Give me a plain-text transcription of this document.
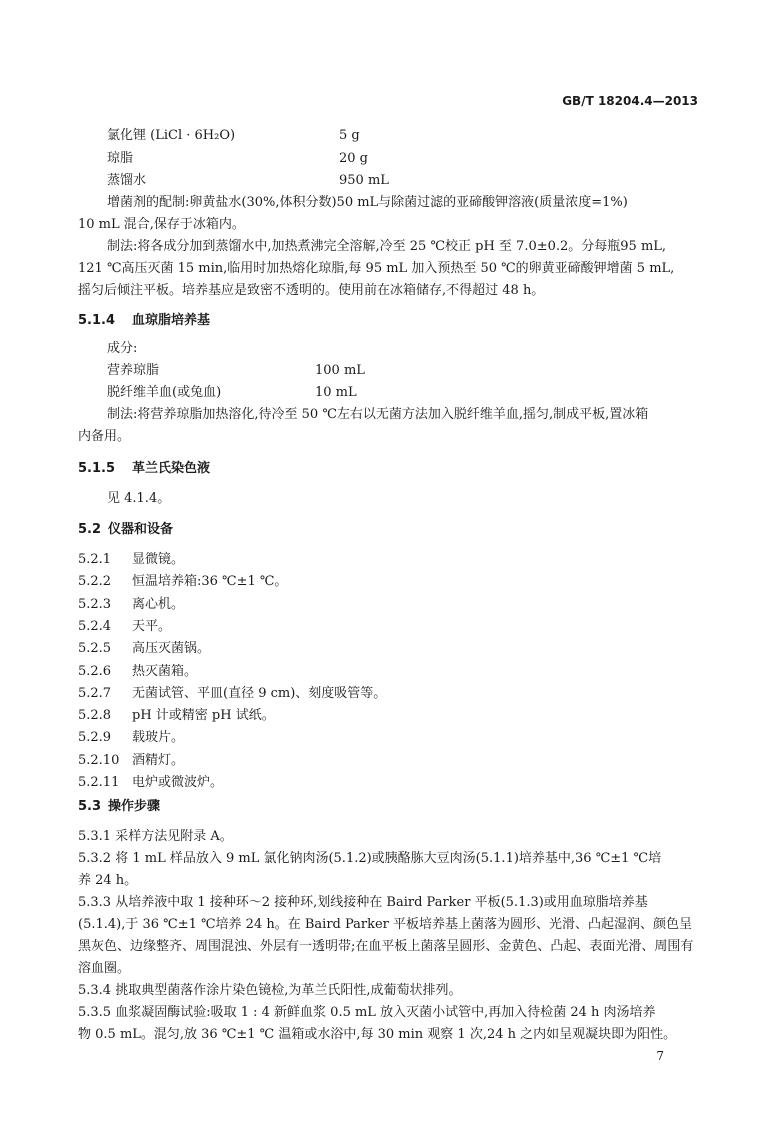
GB/T 18204.4—2013
氯化锂 (LiCl · 6H₂O)	5 g
琼脂	20 g
蒸馏水	950 mL
增菌剂的配制:卵黄盐水(30%,体积分数)50 mL与除菌过滤的亚碲酸钾溶液(质量浓度=1%)
10 mL 混合,保存于冰箱内。
制法:将各成分加到蒸馏水中,加热煮沸完全溶解,冷至 25 ℃校正 pH 至 7.0±0.2。分每瓶95 mL,
121 ℃高压灭菌 15 min,临用时加热熔化琼脂,每 95 mL 加入预热至 50 ℃的卵黄亚碲酸钾增菌 5 mL,
摇匀后倾注平板。培养基应是致密不透明的。使用前在冰箱储存,不得超过 48 h。
5.1.4 血琼脂培养基
成分:
营养琼脂	100 mL
脱纤维羊血(或兔血)	10 mL
制法:将营养琼脂加热溶化,待冷至 50 ℃左右以无菌方法加入脱纤维羊血,摇匀,制成平板,置冰箱
内备用。
5.1.5 革兰氏染色液
见 4.1.4。
5.2 仪器和设备
5.2.1 显微镜。
5.2.2 恒温培养箱:36 ℃±1 ℃。
5.2.3 离心机。
5.2.4 天平。
5.2.5 高压灭菌锅。
5.2.6 热灭菌箱。
5.2.7 无菌试管、平皿(直径 9 cm)、刻度吸管等。
5.2.8 pH 计或精密 pH 试纸。
5.2.9 载玻片。
5.2.10 酒精灯。
5.2.11 电炉或微波炉。
5.3 操作步骤
5.3.1 采样方法见附录 A。
5.3.2 将 1 mL 样品放入 9 mL 氯化钠肉汤(5.1.2)或胰酪胨大豆肉汤(5.1.1)培养基中,36 ℃±1 ℃培
养 24 h。
5.3.3 从培养液中取 1 接种环～2 接种环,划线接种在 Baird Parker 平板(5.1.3)或用血琼脂培养基
(5.1.4),于 36 ℃±1 ℃培养 24 h。在 Baird Parker 平板培养基上菌落为圆形、光滑、凸起湿润、颜色呈
黑灰色、边缘整齐、周围混浊、外层有一透明带;在血平板上菌落呈圆形、金黄色、凸起、表面光滑、周围有
溶血圈。
5.3.4 挑取典型菌落作涂片染色镜检,为革兰氏阳性,成葡萄状排列。
5.3.5 血浆凝固酶试验:吸取 1 : 4 新鲜血浆 0.5 mL 放入灭菌小试管中,再加入待检菌 24 h 肉汤培养
物 0.5 mL。混匀,放 36 ℃±1 ℃ 温箱或水浴中,每 30 min 观察 1 次,24 h 之内如呈观凝块即为阳性。
7
